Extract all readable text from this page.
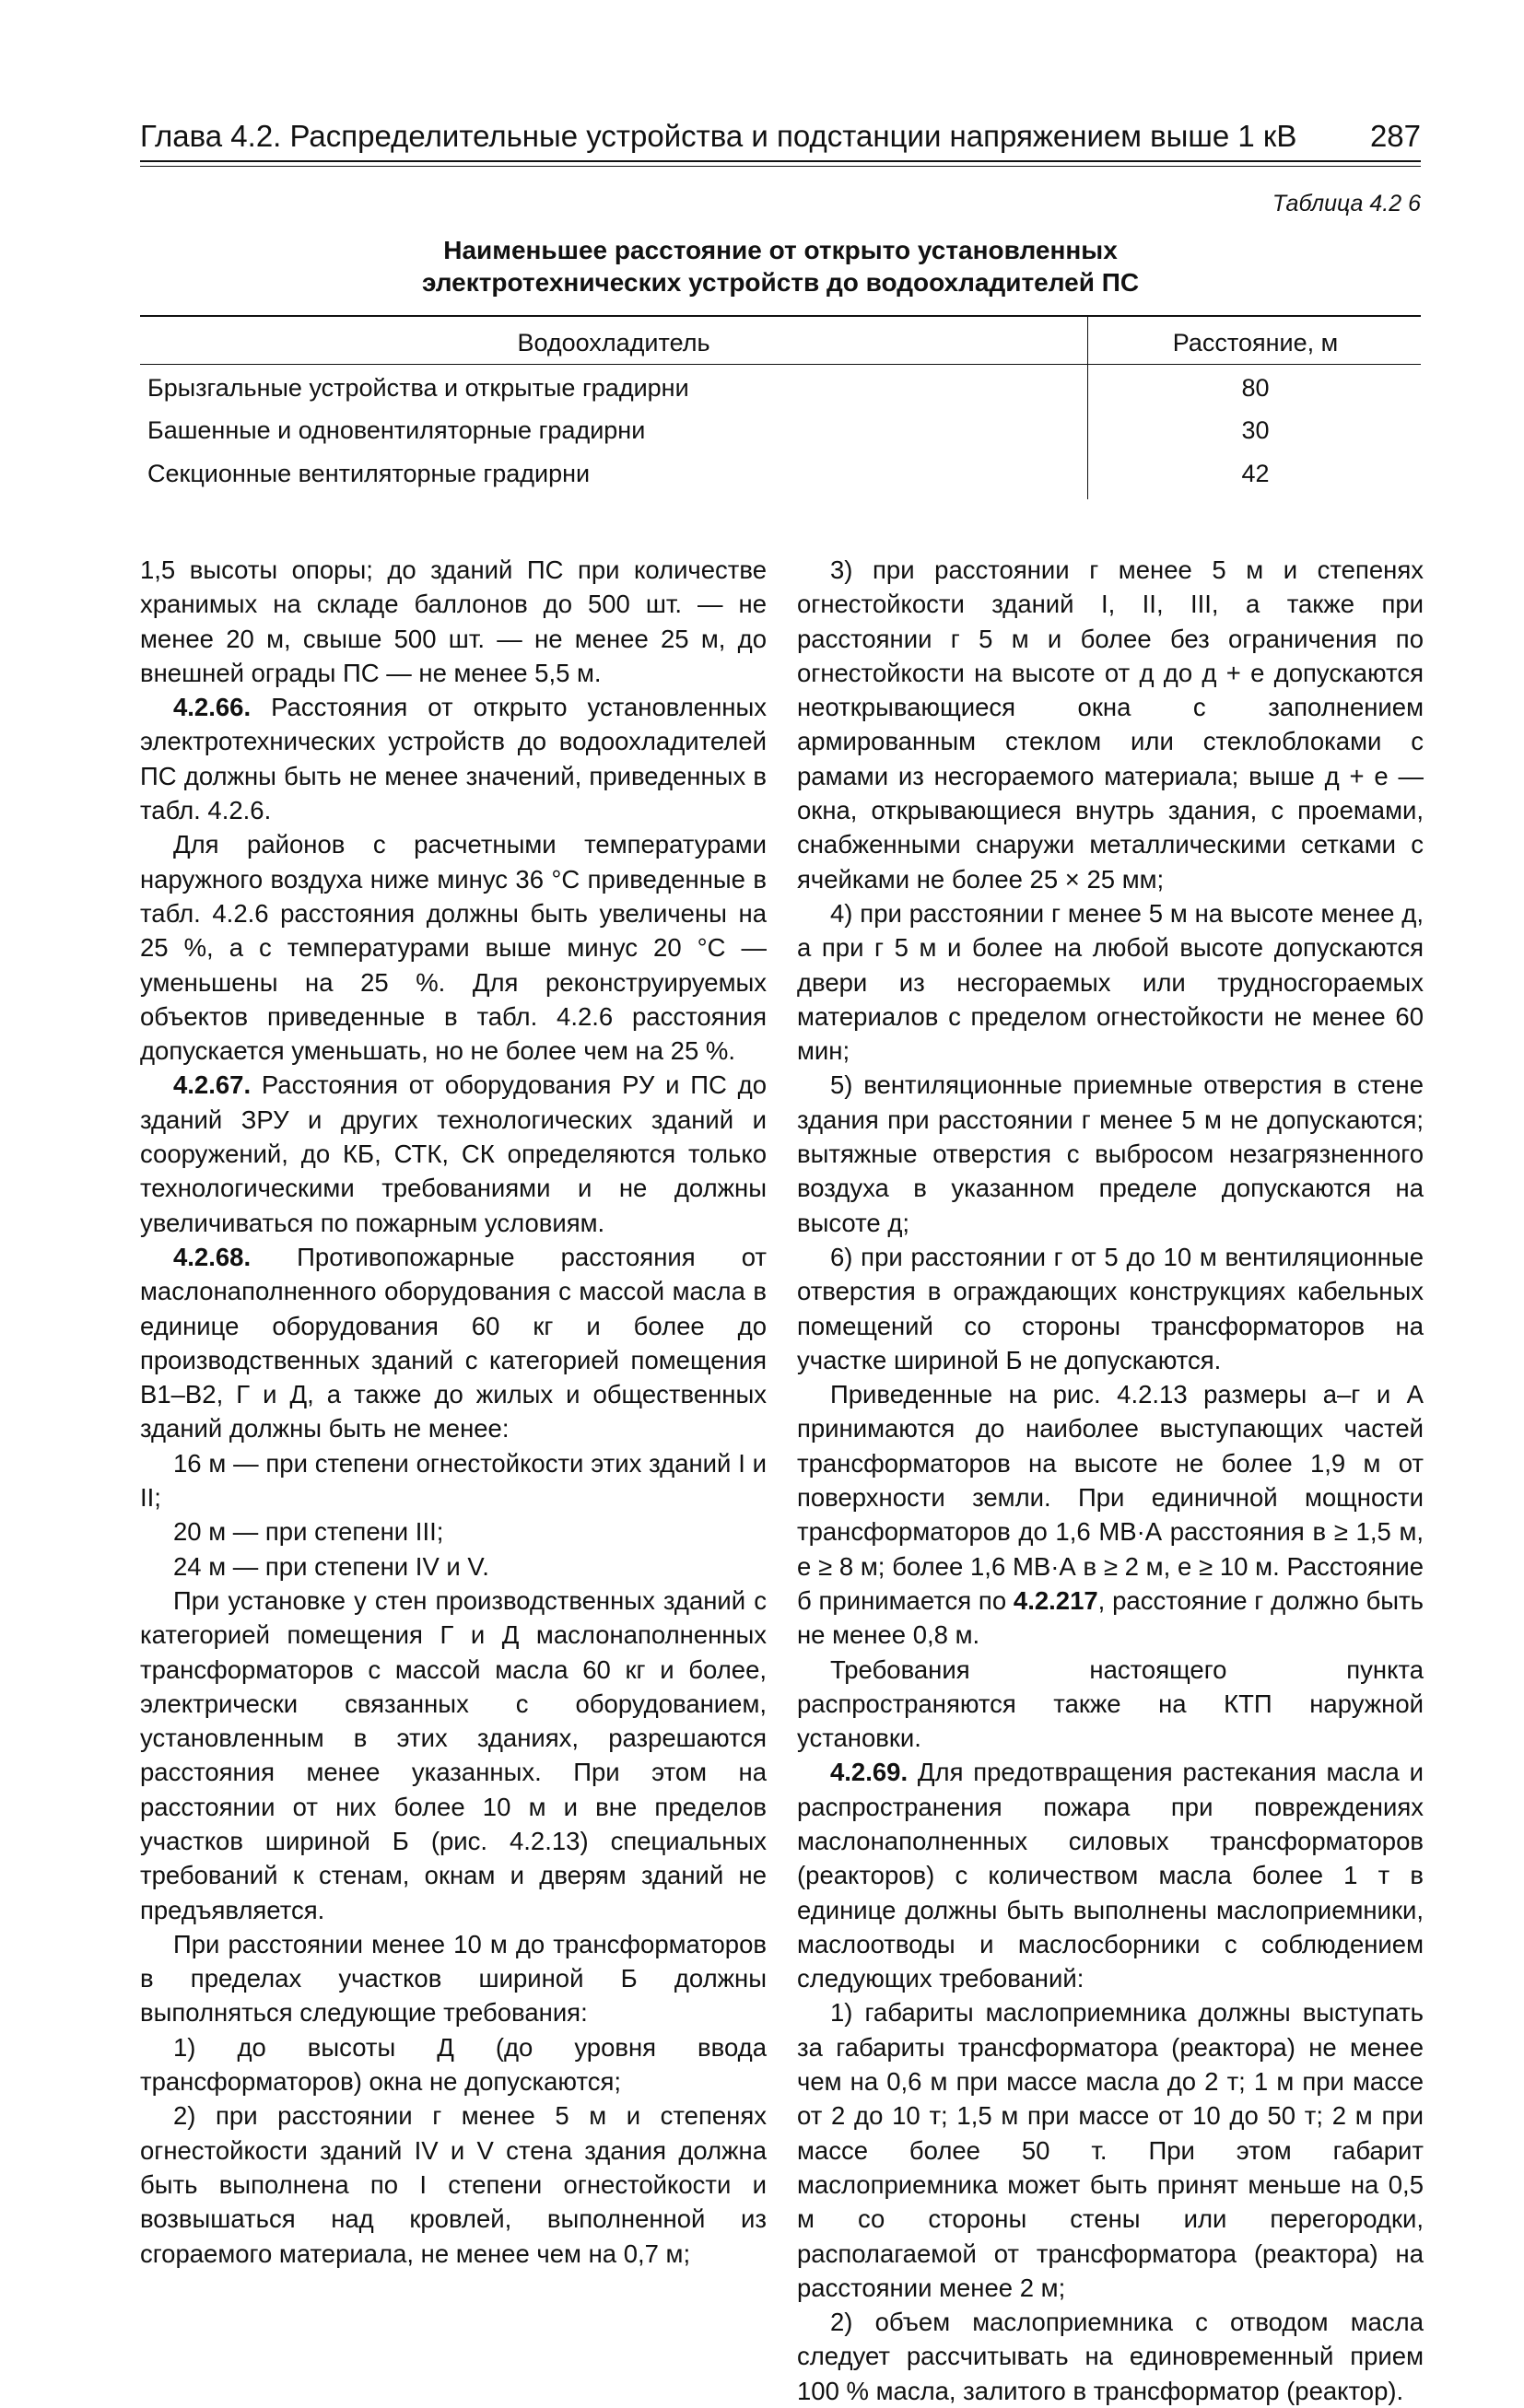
Глава 4.2. Распределительные устройства и подстанции напряжением выше 1 кВ 287
Таблица 4.2 6
Наименьшее расстояние от открыто установленных
электротехнических устройств до водоохладителей ПС
Водоохладитель	Расстояние, м
Брызгальные устройства и открытые градирни	80
Башенные и одновентиляторные градирни	30
Секционные вентиляторные градирни	42

1,5 высоты опоры; до зданий ПС при количестве хранимых на складе баллонов до 500 шт. — не менее 20 м, свыше 500 шт. — не менее 25 м, до внешней ограды ПС — не менее 5,5 м.

4.2.66. Расстояния от открыто установленных электротехнических устройств до водоохладителей ПС должны быть не менее значений, приведенных в табл. 4.2.6.

Для районов с расчетными температурами наружного воздуха ниже минус 36 °С приведенные в табл. 4.2.6 расстояния должны быть увеличены на 25 %, а с температурами выше минус 20 °С — уменьшены на 25 %. Для реконструируемых объектов приведенные в табл. 4.2.6 расстояния допускается уменьшать, но не более чем на 25 %.

4.2.67. Расстояния от оборудования РУ и ПС до зданий ЗРУ и других технологических зданий и сооружений, до КБ, СТК, СК определяются только технологическими требованиями и не должны увеличиваться по пожарным условиям.

4.2.68. Противопожарные расстояния от маслонаполненного оборудования с массой масла в единице оборудования 60 кг и более до производственных зданий с категорией помещения В1–В2, Г и Д, а также до жилых и общественных зданий должны быть не менее:

16 м — при степени огнестойкости этих зданий I и II;

20 м — при степени III;

24 м — при степени IV и V.

При установке у стен производственных зданий с категорией помещения Г и Д маслонаполненных трансформаторов с массой масла 60 кг и более, электрически связанных с оборудованием, установленным в этих зданиях, разрешаются расстояния менее указанных. При этом на расстоянии от них более 10 м и вне пределов участков шириной Б (рис. 4.2.13) специальных требований к стенам, окнам и дверям зданий не предъявляется.

При расстоянии менее 10 м до трансформаторов в пределах участков шириной Б должны выполняться следующие требования:

1) до высоты Д (до уровня ввода трансформаторов) окна не допускаются;

2) при расстоянии г менее 5 м и степенях огнестойкости зданий IV и V стена здания должна быть выполнена по I степени огнестойкости и возвышаться над кровлей, выполненной из сгораемого материала, не менее чем на 0,7 м;

3) при расстоянии г менее 5 м и степенях огнестойкости зданий I, II, III, а также при расстоянии г 5 м и более без ограничения по огнестойкости на высоте от д до д + е допускаются неоткрывающиеся окна с заполнением армированным стеклом или стеклоблоками с рамами из несгораемого материала; выше д + е — окна, открывающиеся внутрь здания, с проемами, снабженными снаружи металлическими сетками с ячейками не более 25 × 25 мм;

4) при расстоянии г менее 5 м на высоте менее д, а при г 5 м и более на любой высоте допускаются двери из несгораемых или трудносгораемых материалов с пределом огнестойкости не менее 60 мин;

5) вентиляционные приемные отверстия в стене здания при расстоянии г менее 5 м не допускаются; вытяжные отверстия с выбросом незагрязненного воздуха в указанном пределе допускаются на высоте д;

6) при расстоянии г от 5 до 10 м вентиляционные отверстия в ограждающих конструкциях кабельных помещений со стороны трансформаторов на участке шириной Б не допускаются.

Приведенные на рис. 4.2.13 размеры а–г и А принимаются до наиболее выступающих частей трансформаторов на высоте не более 1,9 м от поверхности земли. При единичной мощности трансформаторов до 1,6 МВ·А расстояния в ≥ 1,5 м, е ≥ 8 м; более 1,6 МВ·А в ≥ 2 м, е ≥ 10 м. Расстояние б принимается по 4.2.217, расстояние г должно быть не менее 0,8 м.

Требования настоящего пункта распространяются также на КТП наружной установки.

4.2.69. Для предотвращения растекания масла и распространения пожара при повреждениях маслонаполненных силовых трансформаторов (реакторов) с количеством масла более 1 т в единице должны быть выполнены маслоприемники, маслоотводы и маслосборники с соблюдением следующих требований:

1) габариты маслоприемника должны выступать за габариты трансформатора (реактора) не менее чем на 0,6 м при массе масла до 2 т; 1 м при массе от 2 до 10 т; 1,5 м при массе от 10 до 50 т; 2 м при массе более 50 т. При этом габарит маслоприемника может быть принят меньше на 0,5 м со стороны стены или перегородки, располагаемой от трансформатора (реактора) на расстоянии менее 2 м;

2) объем маслоприемника с отводом масла следует рассчитывать на единовременный прием 100 % масла, залитого в трансформатор (реактор).
